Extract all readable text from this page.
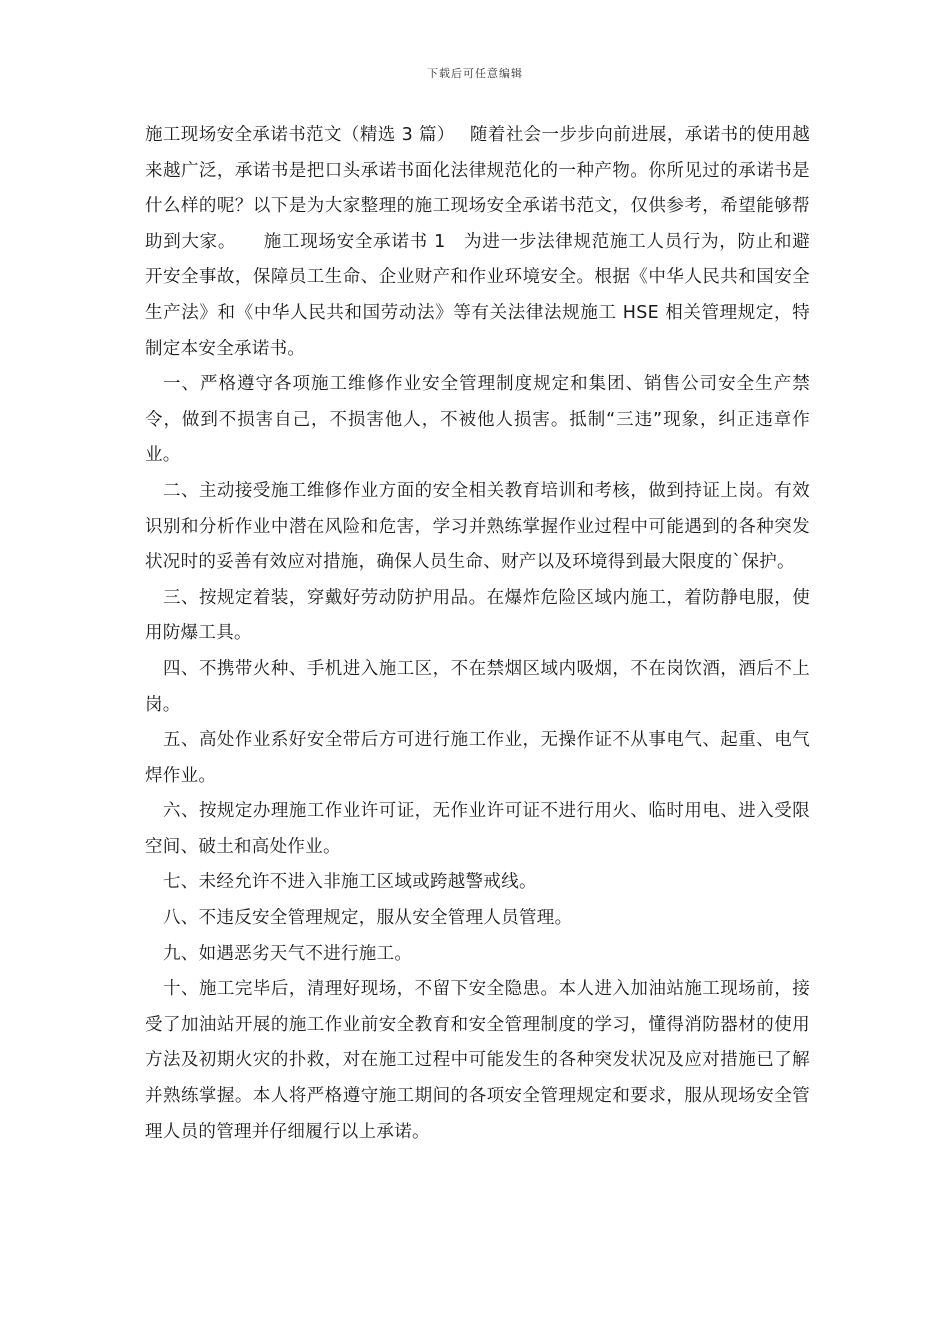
下载后可任意编辑

施工现场安全承诺书范文（精选 3 篇）　 随着社会一步步向前进展，承诺书的使用越来越广泛，承诺书是把口头承诺书面化法律规范化的一种产物。你所见过的承诺书是什么样的呢？以下是为大家整理的施工现场安全承诺书范文，仅供参考，希望能够帮助到大家。　　施工现场安全承诺书 1　为进一步法律规范施工人员行为，防止和避开安全事故，保障员工生命、企业财产和作业环境安全。根据《中华人民共和国安全生产法》和《中华人民共和国劳动法》等有关法律法规施工 HSE 相关管理规定，特制定本安全承诺书。

一、严格遵守各项施工维修作业安全管理制度规定和集团、销售公司安全生产禁令，做到不损害自己，不损害他人，不被他人损害。抵制“三违”现象，纠正违章作业。

二、主动接受施工维修作业方面的安全相关教育培训和考核，做到持证上岗。有效识别和分析作业中潜在风险和危害，学习并熟练掌握作业过程中可能遇到的各种突发状况时的妥善有效应对措施，确保人员生命、财产以及环境得到最大限度的`保护。

三、按规定着装，穿戴好劳动防护用品。在爆炸危险区域内施工，着防静电服，使用防爆工具。

四、不携带火种、手机进入施工区，不在禁烟区域内吸烟，不在岗饮酒，酒后不上岗。

五、高处作业系好安全带后方可进行施工作业，无操作证不从事电气、起重、电气焊作业。

六、按规定办理施工作业许可证，无作业许可证不进行用火、临时用电、进入受限空间、破土和高处作业。

七、未经允许不进入非施工区域或跨越警戒线。

八、不违反安全管理规定，服从安全管理人员管理。

九、如遇恶劣天气不进行施工。

十、施工完毕后，清理好现场，不留下安全隐患。本人进入加油站施工现场前，接受了加油站开展的施工作业前安全教育和安全管理制度的学习，懂得消防器材的使用方法及初期火灾的扑救，对在施工过程中可能发生的各种突发状况及应对措施已了解并熟练掌握。本人将严格遵守施工期间的各项安全管理规定和要求，服从现场安全管理人员的管理并仔细履行以上承诺。
